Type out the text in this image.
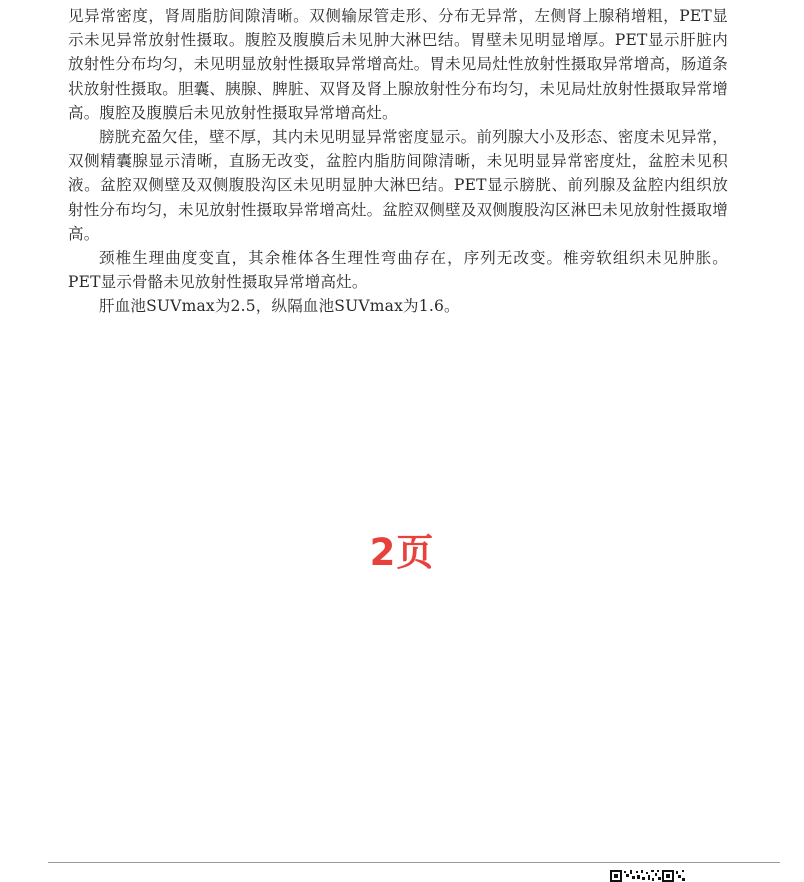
见异常密度，肾周脂肪间隙清晰。双侧输尿管走形、分布无异常，左侧肾上腺稍增粗，PET显示未见异常放射性摄取。腹腔及腹膜后未见肿大淋巴结。胃壁未见明显增厚。PET显示肝脏内放射性分布均匀，未见明显放射性摄取异常增高灶。胃未见局灶性放射性摄取异常增高，肠道条状放射性摄取。胆囊、胰腺、脾脏、双肾及肾上腺放射性分布均匀，未见局灶放射性摄取异常增高。腹腔及腹膜后未见放射性摄取异常增高灶。

膀胱充盈欠佳，壁不厚，其内未见明显异常密度显示。前列腺大小及形态、密度未见异常，双侧精囊腺显示清晰，直肠无改变，盆腔内脂肪间隙清晰，未见明显异常密度灶，盆腔未见积液。盆腔双侧壁及双侧腹股沟区未见明显肿大淋巴结。PET显示膀胱、前列腺及盆腔内组织放射性分布均匀，未见放射性摄取异常增高灶。盆腔双侧壁及双侧腹股沟区淋巴未见放射性摄取增高。

颈椎生理曲度变直，其余椎体各生理性弯曲存在，序列无改变。椎旁软组织未见肿胀。PET显示骨骼未见放射性摄取异常增高灶。

肝血池SUVmax为2.5，纵隔血池SUVmax为1.6。

2页
